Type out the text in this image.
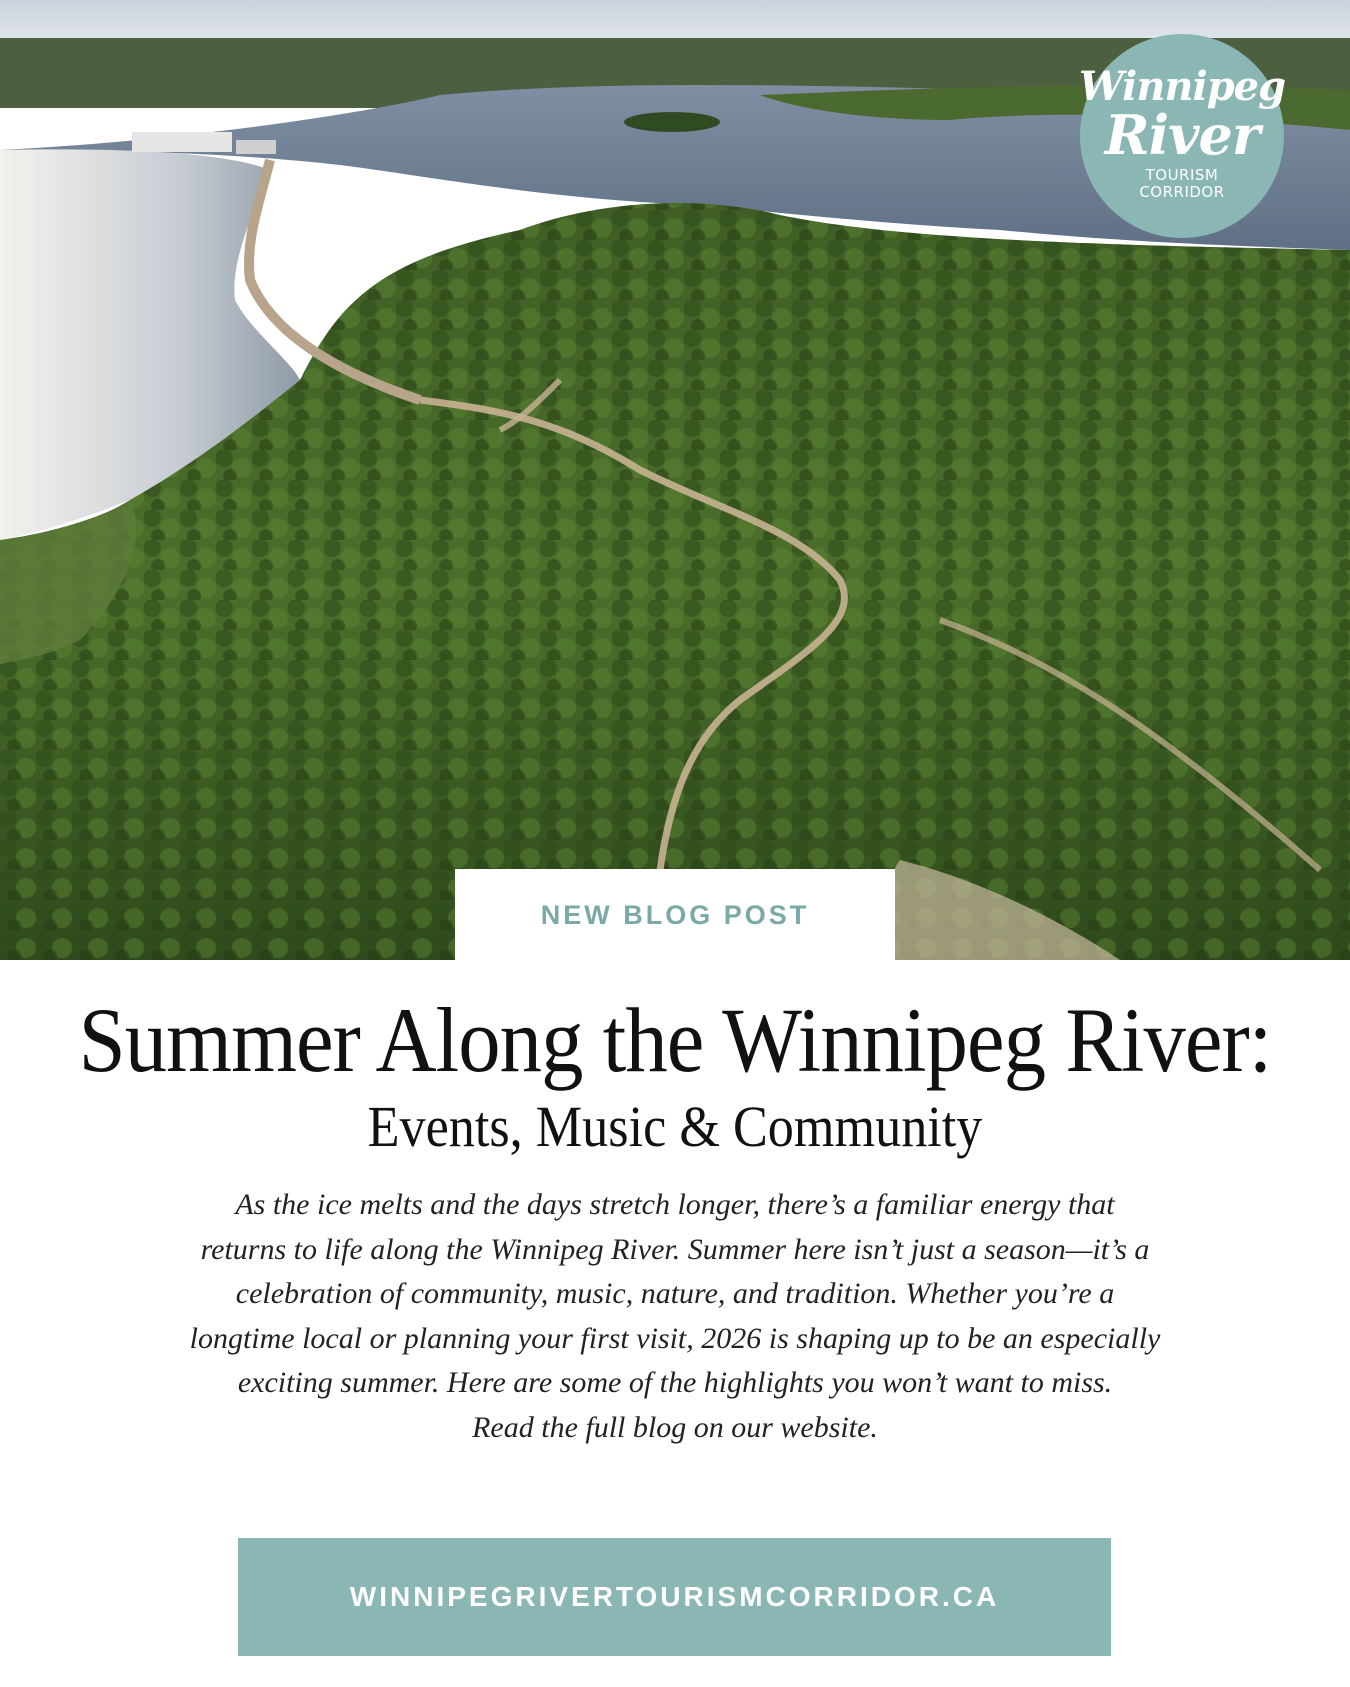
Winnipeg
River
TOURISM
CORRIDOR
NEW BLOG POST
Summer Along the Winnipeg River:
Events, Music & Community

As the ice melts and the days stretch longer, there’s a familiar energy that

returns to life along the Winnipeg River. Summer here isn’t just a season—it’s a

celebration of community, music, nature, and tradition. Whether you’re a

longtime local or planning your first visit, 2026 is shaping up to be an especially

exciting summer. Here are some of the highlights you won’t want to miss.

Read the full blog on our website.

WINNIPEGRIVERTOURISMCORRIDOR.CA
